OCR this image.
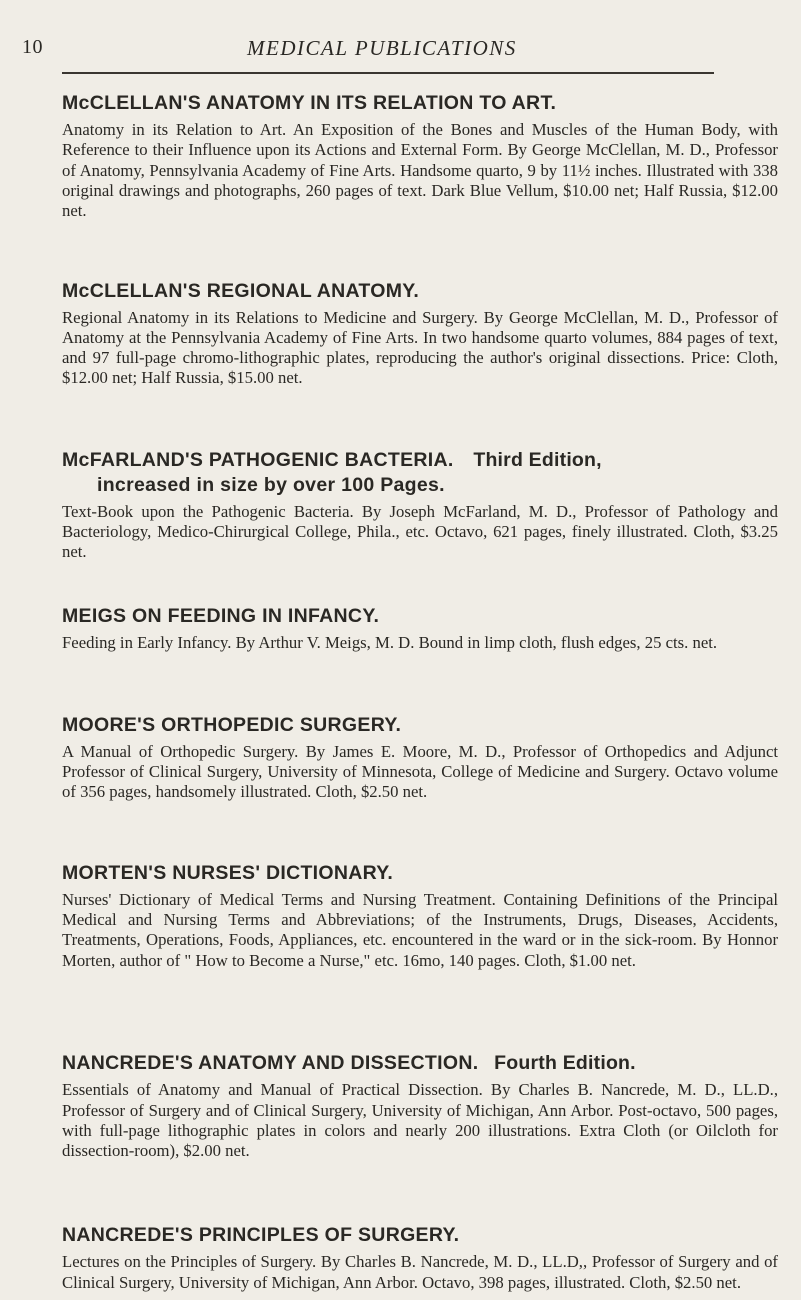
10	MEDICAL PUBLICATIONS
McCLELLAN'S ANATOMY IN ITS RELATION TO ART.

Anatomy in its Relation to Art. An Exposition of the Bones and Muscles of the Human Body, with Reference to their Influence upon its Actions and External Form. By George McClellan, M. D., Professor of Anatomy, Pennsylvania Academy of Fine Arts. Handsome quarto, 9 by 11½ inches. Illustrated with 338 original drawings and photographs, 260 pages of text. Dark Blue Vellum, $10.00 net; Half Russia, $12.00 net.

McCLELLAN'S REGIONAL ANATOMY.

Regional Anatomy in its Relations to Medicine and Surgery. By George McClellan, M. D., Professor of Anatomy at the Pennsylvania Academy of Fine Arts. In two handsome quarto volumes, 884 pages of text, and 97 full-page chromo-lithographic plates, reproducing the author's original dissections. Price: Cloth, $12.00 net; Half Russia, $15.00 net.

McFARLAND'S PATHOGENIC BACTERIA. Third Edition,
increased in size by over 100 Pages.

Text-Book upon the Pathogenic Bacteria. By Joseph McFarland, M. D., Professor of Pathology and Bacteriology, Medico-Chirurgical College, Phila., etc. Octavo, 621 pages, finely illustrated. Cloth, $3.25 net.

MEIGS ON FEEDING IN INFANCY.

Feeding in Early Infancy. By Arthur V. Meigs, M. D. Bound in limp cloth, flush edges, 25 cts. net.

MOORE'S ORTHOPEDIC SURGERY.

A Manual of Orthopedic Surgery. By James E. Moore, M. D., Professor of Orthopedics and Adjunct Professor of Clinical Surgery, University of Minnesota, College of Medicine and Surgery. Octavo volume of 356 pages, handsomely illustrated. Cloth, $2.50 net.

MORTEN'S NURSES' DICTIONARY.

Nurses' Dictionary of Medical Terms and Nursing Treatment. Containing Definitions of the Principal Medical and Nursing Terms and Abbreviations; of the Instruments, Drugs, Diseases, Accidents, Treatments, Operations, Foods, Appliances, etc. encountered in the ward or in the sick-room. By Honnor Morten, author of " How to Become a Nurse," etc. 16mo, 140 pages. Cloth, $1.00 net.

NANCREDE'S ANATOMY AND DISSECTION. Fourth Edition.

Essentials of Anatomy and Manual of Practical Dissection. By Charles B. Nancrede, M. D., LL.D., Professor of Surgery and of Clinical Surgery, University of Michigan, Ann Arbor. Post-octavo, 500 pages, with full-page lithographic plates in colors and nearly 200 illustrations. Extra Cloth (or Oilcloth for dissection-room), $2.00 net.

NANCREDE'S PRINCIPLES OF SURGERY.

Lectures on the Principles of Surgery. By Charles B. Nancrede, M. D., LL.D,, Professor of Surgery and of Clinical Surgery, University of Michigan, Ann Arbor. Octavo, 398 pages, illustrated. Cloth, $2.50 net.
